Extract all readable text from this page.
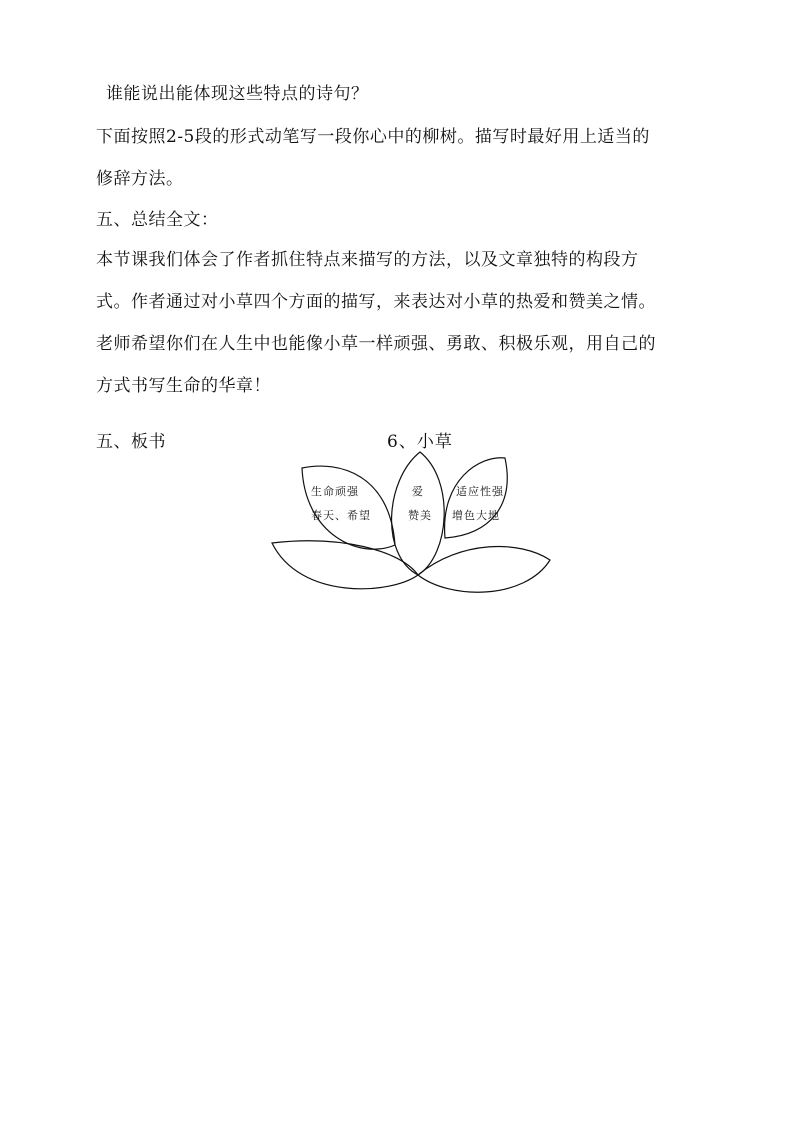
谁能说出能体现这些特点的诗句？
下面按照2-5段的形式动笔写一段你心中的柳树。描写时最好用上适当的
修辞方法。
五、总结全文：
本节课我们体会了作者抓住特点来描写的方法，以及文章独特的构段方
式。作者通过对小草四个方面的描写，来表达对小草的热爱和赞美之情。
老师希望你们在人生中也能像小草一样顽强、勇敢、积极乐观，用自己的
方式书写生命的华章！
五、板书	6、小草
生命顽强
春天、希望
爱
赞美
适应性强
增色大地
